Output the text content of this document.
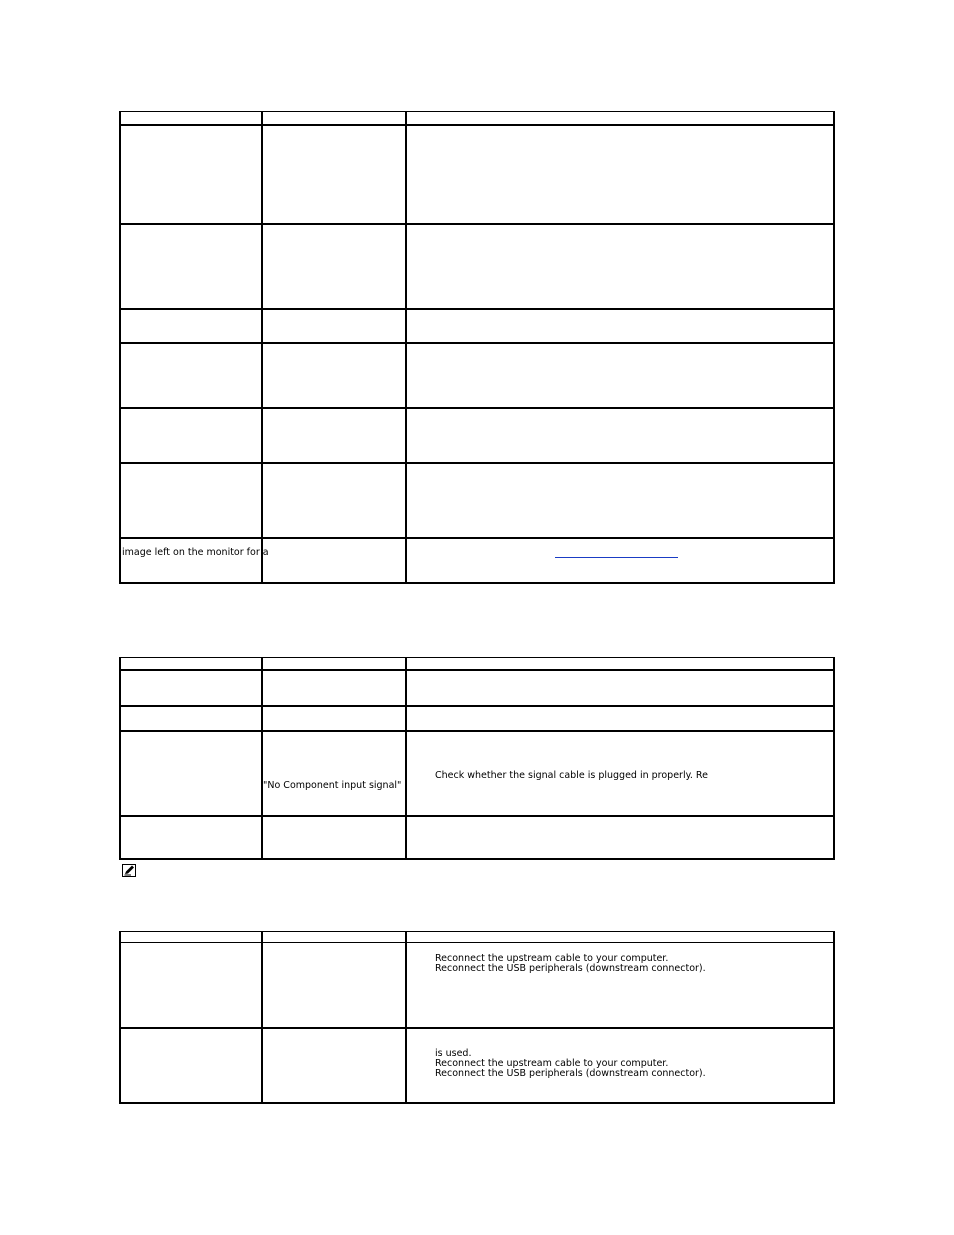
image left on the monitor for a
"No Component input signal"
Check whether the signal cable is plugged in properly. Re
Reconnect the upstream cable to your computer.
Reconnect the USB peripherals (downstream connector).
is used.
Reconnect the upstream cable to your computer.
Reconnect the USB peripherals (downstream connector).
